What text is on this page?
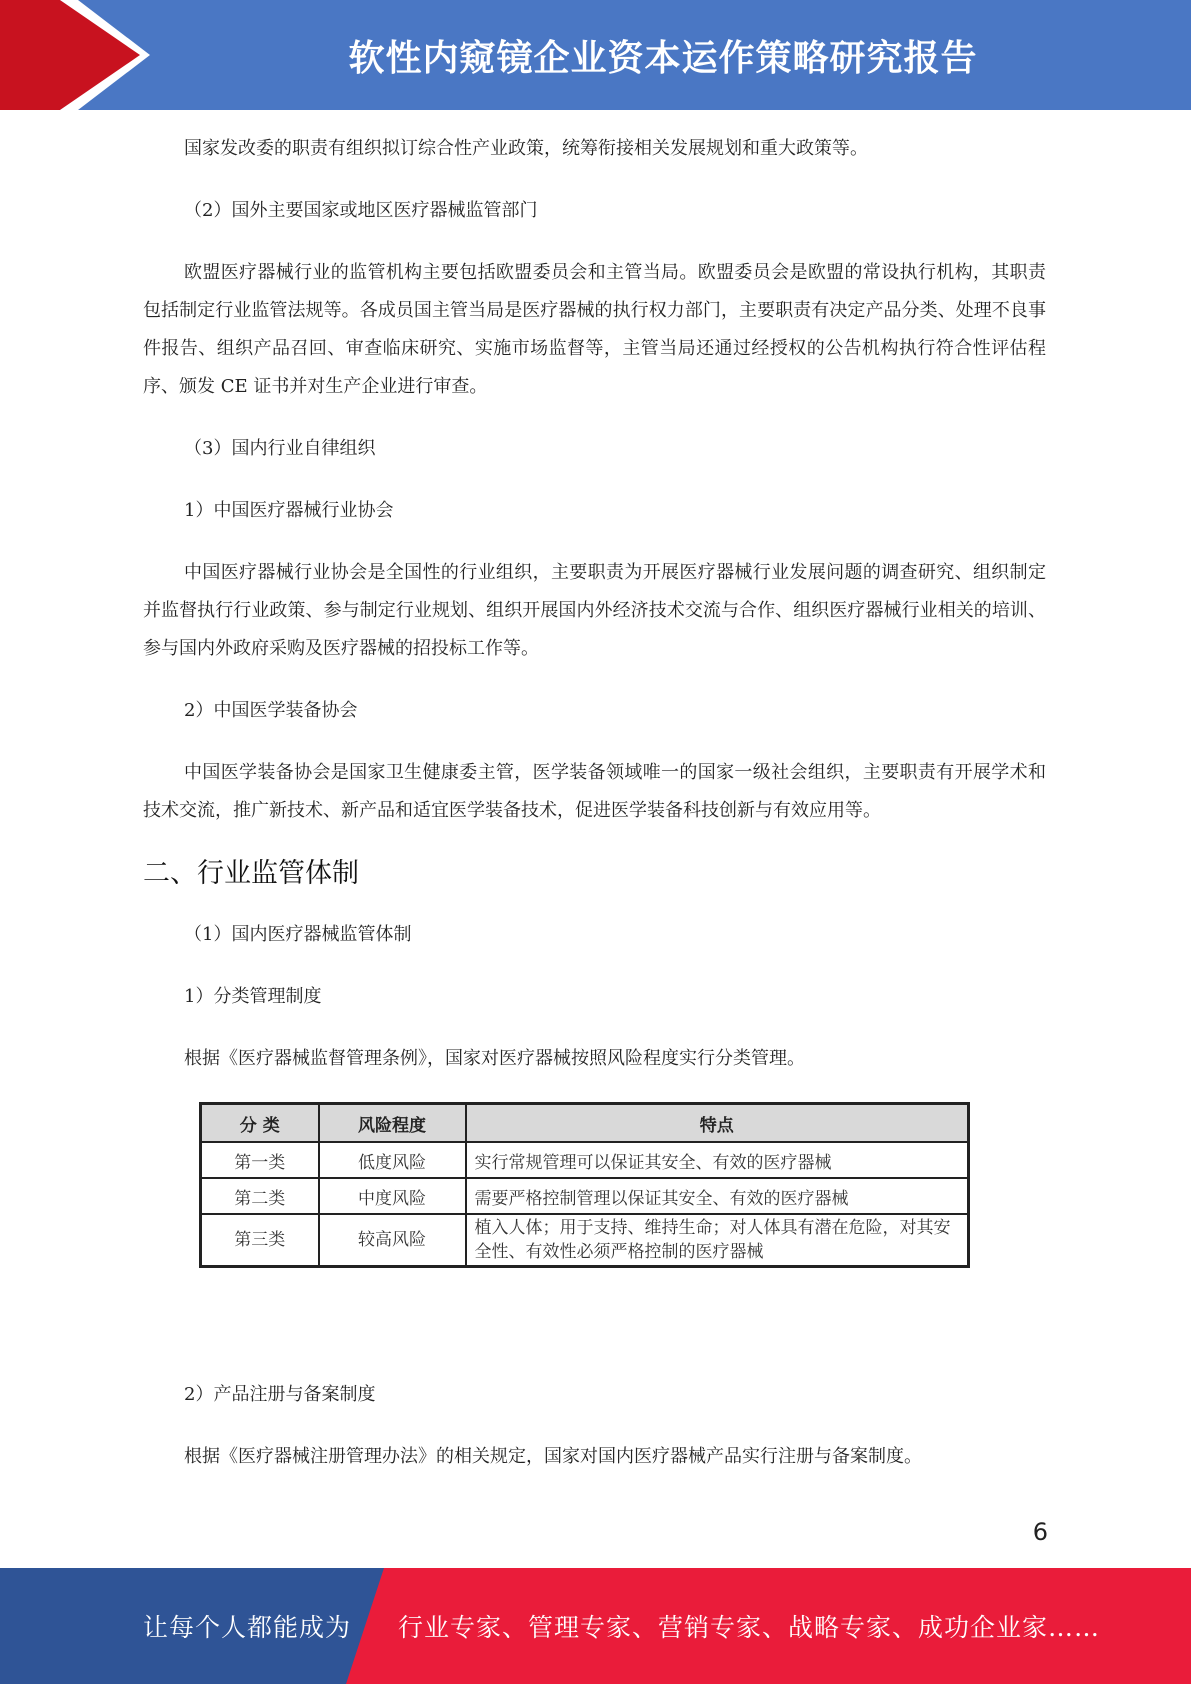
软性内窥镜企业资本运作策略研究报告

国家发改委的职责有组织拟订综合性产业政策，统筹衔接相关发展规划和重大政策等。

（2）国外主要国家或地区医疗器械监管部门

欧盟医疗器械行业的监管机构主要包括欧盟委员会和主管当局。欧盟委员会是欧盟的常设执行机构，其职责包括制定行业监管法规等。各成员国主管当局是医疗器械的执行权力部门，主要职责有决定产品分类、处理不良事件报告、组织产品召回、审查临床研究、实施市场监督等，主管当局还通过经授权的公告机构执行符合性评估程序、颁发 CE 证书并对生产企业进行审查。

（3）国内行业自律组织

1）中国医疗器械行业协会

中国医疗器械行业协会是全国性的行业组织，主要职责为开展医疗器械行业发展问题的调查研究、组织制定并监督执行行业政策、参与制定行业规划、组织开展国内外经济技术交流与合作、组织医疗器械行业相关的培训、参与国内外政府采购及医疗器械的招投标工作等。

2）中国医学装备协会

中国医学装备协会是国家卫生健康委主管，医学装备领域唯一的国家一级社会组织，主要职责有开展学术和技术交流，推广新技术、新产品和适宜医学装备技术，促进医学装备科技创新与有效应用等。

二、行业监管体制

（1）国内医疗器械监管体制

1）分类管理制度

根据《医疗器械监督管理条例》，国家对医疗器械按照风险程度实行分类管理。

分 类	风险程度	特点
第一类	低度风险	实行常规管理可以保证其安全、有效的医疗器械
第二类	中度风险	需要严格控制管理以保证其安全、有效的医疗器械
第三类	较高风险	植入人体；用于支持、维持生命；对人体具有潜在危险，对其安全性、有效性必须严格控制的医疗器械

2）产品注册与备案制度

根据《医疗器械注册管理办法》的相关规定，国家对国内医疗器械产品实行注册与备案制度。

6
让每个人都能成为 行业专家、管理专家、营销专家、战略专家、成功企业家……
